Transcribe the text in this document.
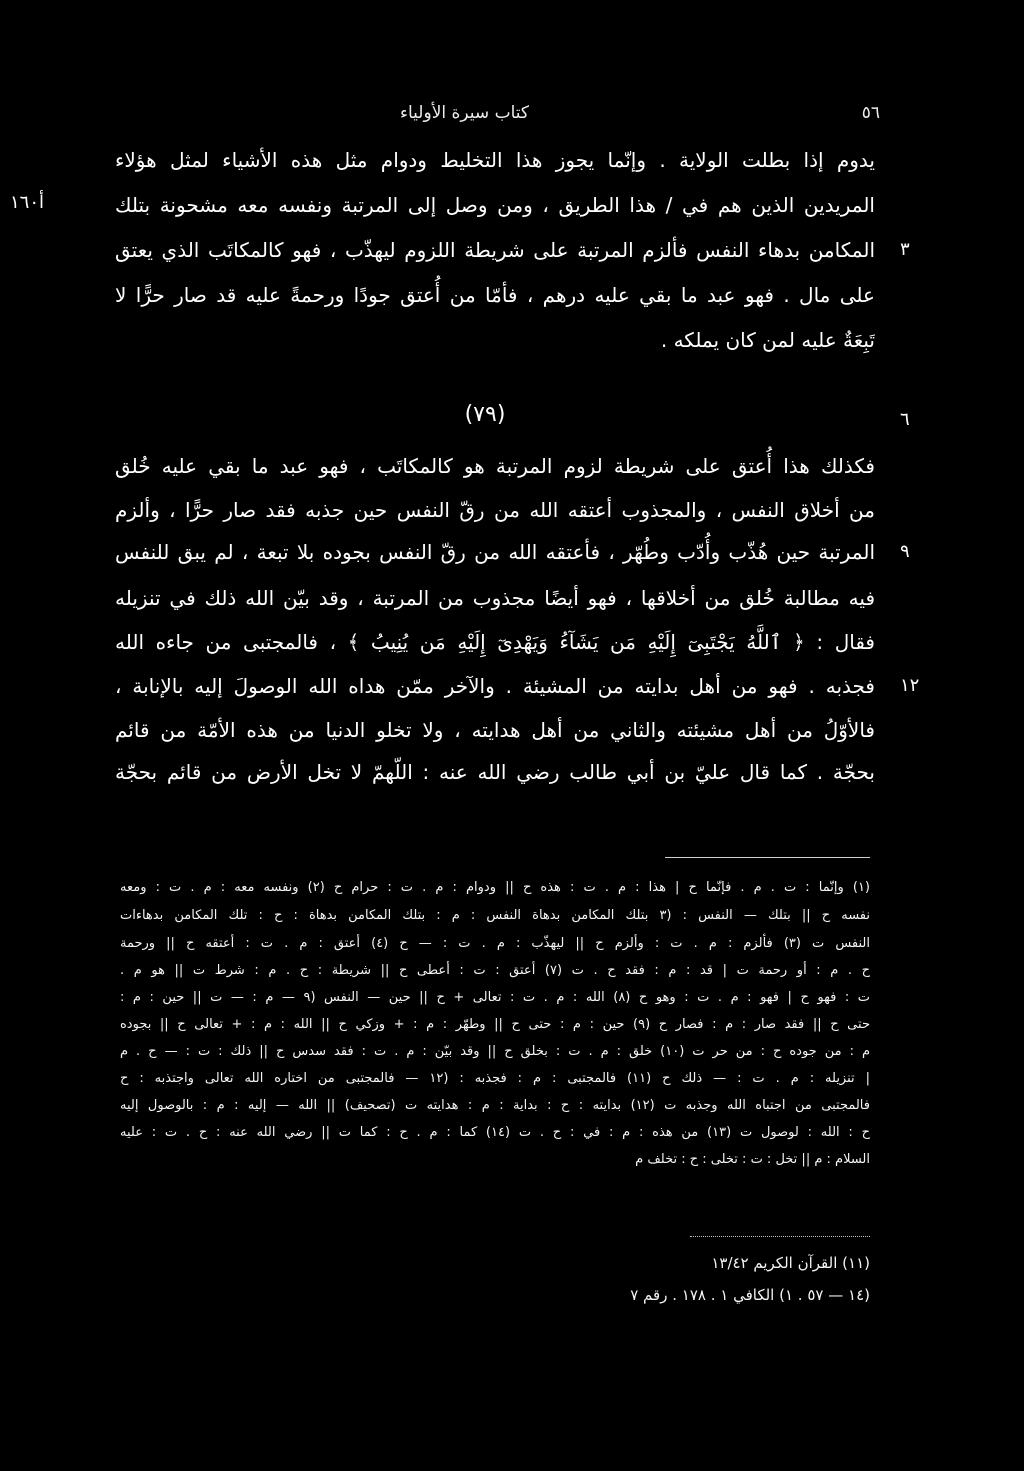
كتاب سيرة الأولياء	٥٦
أ١٦٠
٣
٦
٩
١٢
يدوم إذا بطلت الولاية . وإنّما يجوز هذا التخليط ودوام مثل هذه الأشياء لمثل هؤلاء
المريدين الذين هم في / هذا الطريق ، ومن وصل إلى المرتبة ونفسه معه مشحونة بتلك
المكامن بدهاء النفس فألزم المرتبة على شريطة اللزوم ليهذّب ، فهو كالمكاتَب الذي يعتق
على مال . فهو عبد ما بقي عليه درهم ، فأمّا من أُعتق جودًا ورحمةً عليه قد صار حرًّا لا
تَبِعَةٌ عليه لمن كان يملكه .
(٧٩)
فكذلك هذا أُعتق على شريطة لزوم المرتبة هو كالمكاتَب ، فهو عبد ما بقي عليه خُلق
من أخلاق النفس ، والمجذوب أعتقه الله من رقّ النفس حين جذبه فقد صار حرًّا ، وألزم
المرتبة حين هُذّب وأُدّب وطُهّر ، فأعتقه الله من رقّ النفس بجوده بلا تبعة ، لم يبق للنفس
فيه مطالبة خُلق من أخلاقها ، فهو أيضًا مجذوب من المرتبة ، وقد بيّن الله ذلك في تنزيله
فقال : ﴿ ٱللَّهُ يَجْتَبِىٓ إِلَيْهِ مَن يَشَآءُ وَيَهْدِىٓ إِلَيْهِ مَن يُنِيبُ ﴾ ، فالمجتبى من جاءه الله
فجذبه . فهو من أهل بدايته من المشيئة . والآخر ممّن هداه الله الوصولَ إليه بالإنابة ،
فالأوّلُ من أهل مشيئته والثاني من أهل هدايته ، ولا تخلو الدنيا من هذه الأمّة من قائم
بحجّة . كما قال عليّ بن أبي طالب رضي الله عنه : اللّهمّ لا تخل الأرض من قائم بحجّة
(١) وإنّما : ت . م . فإنّما ح | هذا : م . ت : هذه ح || ودوام : م . ت : حرام ح (٢) ونفسه معه : م . ت : ومعه
نفسه ح || بتلك — النفس : (٣ بتلك المكامن بدهاة النفس : م : بتلك المكامن بدهاة : ح : تلك المكامن بدهاءات
النفس ت (٣) فألزم : م . ت : وألزم ح || ليهذّب : م . ت : — ح (٤) أعتق : م . ت : أعتقه ح || ورحمة
ح . م : أو رحمة ت | قد : م : فقد ح . ت (٧) أعتق : ت : أعطى ح || شريطة : ح . م : شرط ت || هو م .
ت : فهو ح | فهو : م . ت : وهو ح (٨) الله : م . ت : تعالى + ح || حين — النفس (٩ — م : — ت || حين : م :
حتى ح || فقد صار : م : فصار ح (٩) حين : م : حتى ح || وطهّر : م : + وزكي ح || الله : م : + تعالى ح || بجوده
م : من جوده ح : من حر ت (١٠) خلق : م . ت : بخلق ح || وقد بيّن : م . ت : فقد سدس ح || ذلك : ت : — ح . م
| تنزيله : م . ت : — ذلك ح (١١) فالمجتبى : م : فجذبه : (١٢ — فالمجتبى من اختاره الله تعالى واجتذبه : ح
فالمجتبى من اجتباه الله وجذبه ت (١٢) بدايته : ح : بداية : م : هدايته ت (تصحيف) || الله — إليه : م : بالوصول إليه
ح : الله : لوصول ت (١٣) من هذه : م : في : ح . ت (١٤) كما : م . ح : كما ت || رضي الله عنه : ح . ت : عليه
السلام : م || تخل : ت : تخلى : ح : تخلف م
(١١) القرآن الكريم ١٣/٤٢
(١٤ — ٥٧ . ١) الكافي ١ . ١٧٨ . رقم ٧
